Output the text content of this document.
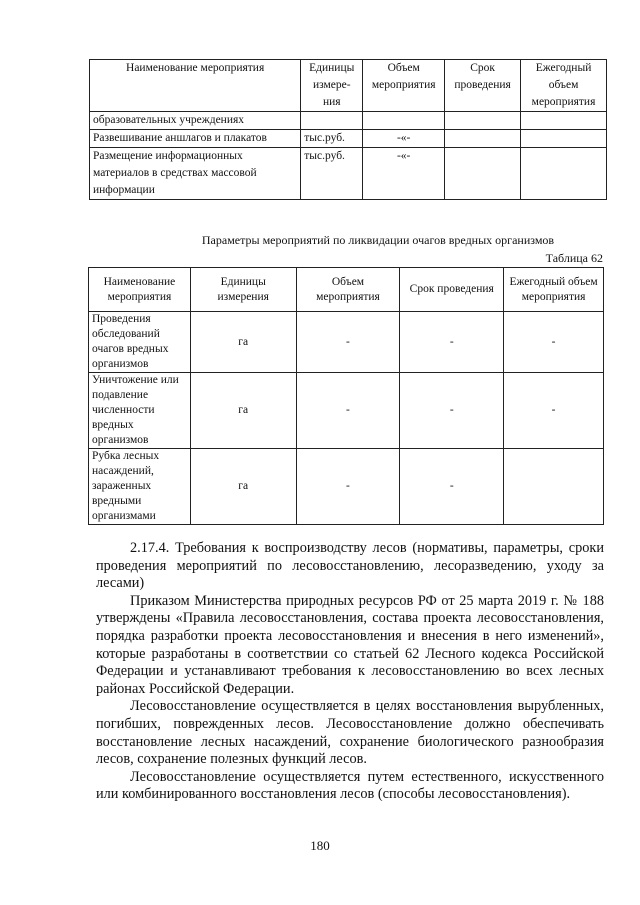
Наименование мероприятия	Единицы измере-ния	Объем мероприятия	Срок проведения	Ежегодный объем мероприятия
образовательных учреждениях				
Развешивание аншлагов и плакатов	тыс.руб.	-«-		
Размещение информационных материалов в средствах массовой информации	тыс.руб.	-«-		
Параметры мероприятий по ликвидации очагов вредных организмов
Таблица 62
Наименование мероприятия	Единицы измерения	Объем мероприятия	Срок проведения	Ежегодный объем мероприятия
Проведения обследований очагов вредных организмов	га	-	-	-
Уничтожение или подавление численности вредных организмов	га	-	-	-
Рубка лесных насаждений, зараженных вредными организмами	га	-	-	

2.17.4. Требования к воспроизводству лесов (нормативы, параметры, сроки проведения мероприятий по лесовосстановлению, лесоразведению, уходу за лесами)

Приказом Министерства природных ресурсов РФ от 25 марта 2019 г. № 188 утверждены «Правила лесовосстановления, состава проекта лесовосстановления, порядка разработки проекта лесовосстановления и внесения в него изменений», которые разработаны в соответствии со статьей 62 Лесного кодекса Российской Федерации и устанавливают требования к лесовосстановлению во всех лесных районах Российской Федерации.

Лесовосстановление осуществляется в целях восстановления вырубленных, погибших, поврежденных лесов. Лесовосстановление должно обеспечивать восстановление лесных насаждений, сохранение биологического разнообразия лесов, сохранение полезных функций лесов.

Лесовосстановление осуществляется путем естественного, искусственного или комбинированного восстановления лесов (способы лесовосстановления).

180
